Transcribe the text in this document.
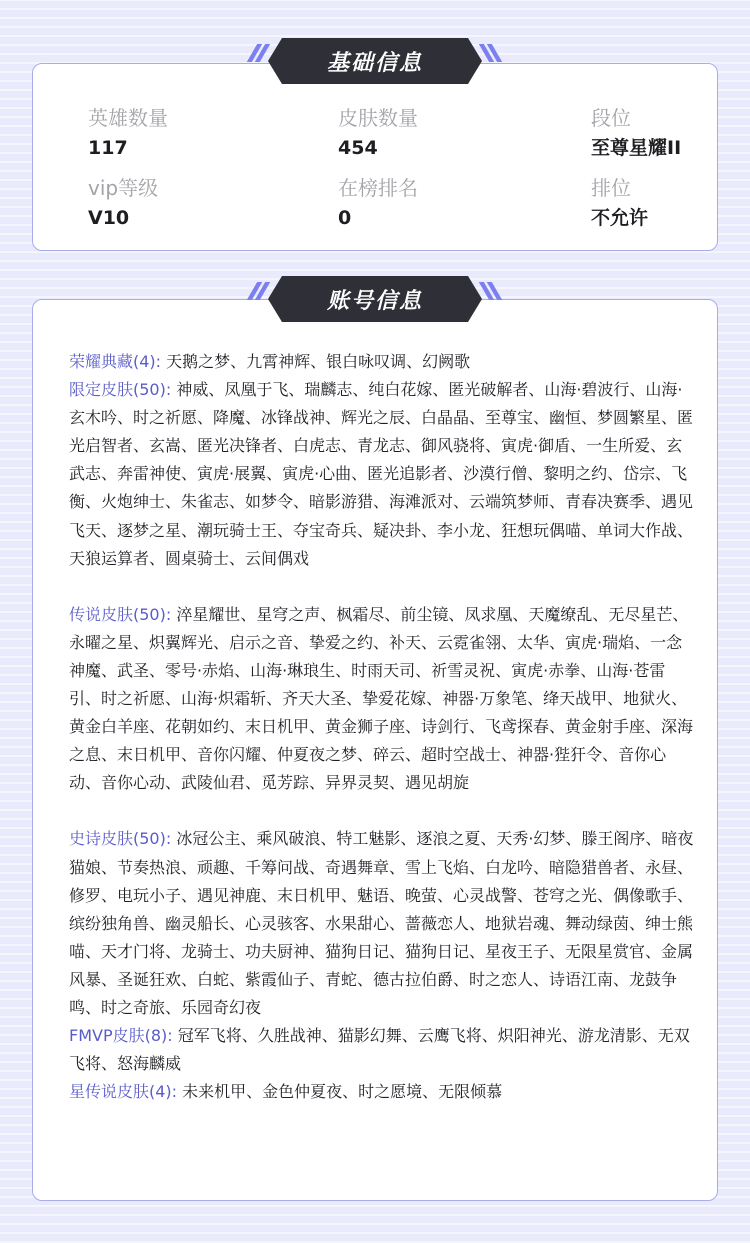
英雄数量
117
皮肤数量
454
段位
至尊星耀II
vip等级
V10
在榜排名
0
排位
不允许
基础信息
荣耀典藏(4): 天鹅之梦、九霄神辉、银白咏叹调、幻阙歌
限定皮肤(50): 神威、凤凰于飞、瑞麟志、纯白花嫁、匿光破解者、山海·碧波行、山海·玄木吟、时之祈愿、降魔、冰锋战神、辉光之辰、白晶晶、至尊宝、幽恒、梦圆繁星、匿光启智者、玄嵩、匿光决锋者、白虎志、青龙志、御风骁将、寅虎·御盾、一生所爱、玄武志、奔雷神使、寅虎·展翼、寅虎·心曲、匿光追影者、沙漠行僧、黎明之约、岱宗、飞衡、火炮绅士、朱雀志、如梦令、暗影游猎、海滩派对、云端筑梦师、青春决赛季、遇见飞天、逐梦之星、潮玩骑士王、夺宝奇兵、疑决卦、李小龙、狂想玩偶喵、单词大作战、天狼运算者、圆桌骑士、云间偶戏
传说皮肤(50): 淬星耀世、星穹之声、枫霜尽、前尘镜、凤求凰、天魔缭乱、无尽星芒、永曜之星、炽翼辉光、启示之音、挚爱之约、补天、云霓雀翎、太华、寅虎·瑞焰、一念神魔、武圣、零号·赤焰、山海·琳琅生、时雨天司、祈雪灵祝、寅虎·赤拳、山海·苍雷引、时之祈愿、山海·炽霜斩、齐天大圣、挚爱花嫁、神器·万象笔、绛天战甲、地狱火、黄金白羊座、花朝如约、末日机甲、黄金狮子座、诗剑行、飞鸢探春、黄金射手座、深海之息、末日机甲、音你闪耀、仲夏夜之梦、碎云、超时空战士、神器·狴犴令、音你心动、音你心动、武陵仙君、觅芳踪、异界灵契、遇见胡旋
史诗皮肤(50): 冰冠公主、乘风破浪、特工魅影、逐浪之夏、天秀·幻梦、滕王阁序、暗夜猫娘、节奏热浪、顽趣、千筹问战、奇遇舞章、雪上飞焰、白龙吟、暗隐猎兽者、永昼、修罗、电玩小子、遇见神鹿、末日机甲、魅语、晚萤、心灵战警、苍穹之光、偶像歌手、缤纷独角兽、幽灵船长、心灵骇客、水果甜心、蔷薇恋人、地狱岩魂、舞动绿茵、绅士熊喵、天才门将、龙骑士、功夫厨神、猫狗日记、猫狗日记、星夜王子、无限星赏官、金属风暴、圣诞狂欢、白蛇、紫霞仙子、青蛇、德古拉伯爵、时之恋人、诗语江南、龙鼓争鸣、时之奇旅、乐园奇幻夜
FMVP皮肤(8): 冠军飞将、久胜战神、猫影幻舞、云鹰飞将、炽阳神光、游龙清影、无双飞将、怒海麟威
星传说皮肤(4): 未来机甲、金色仲夏夜、时之愿境、无限倾慕
账号信息
